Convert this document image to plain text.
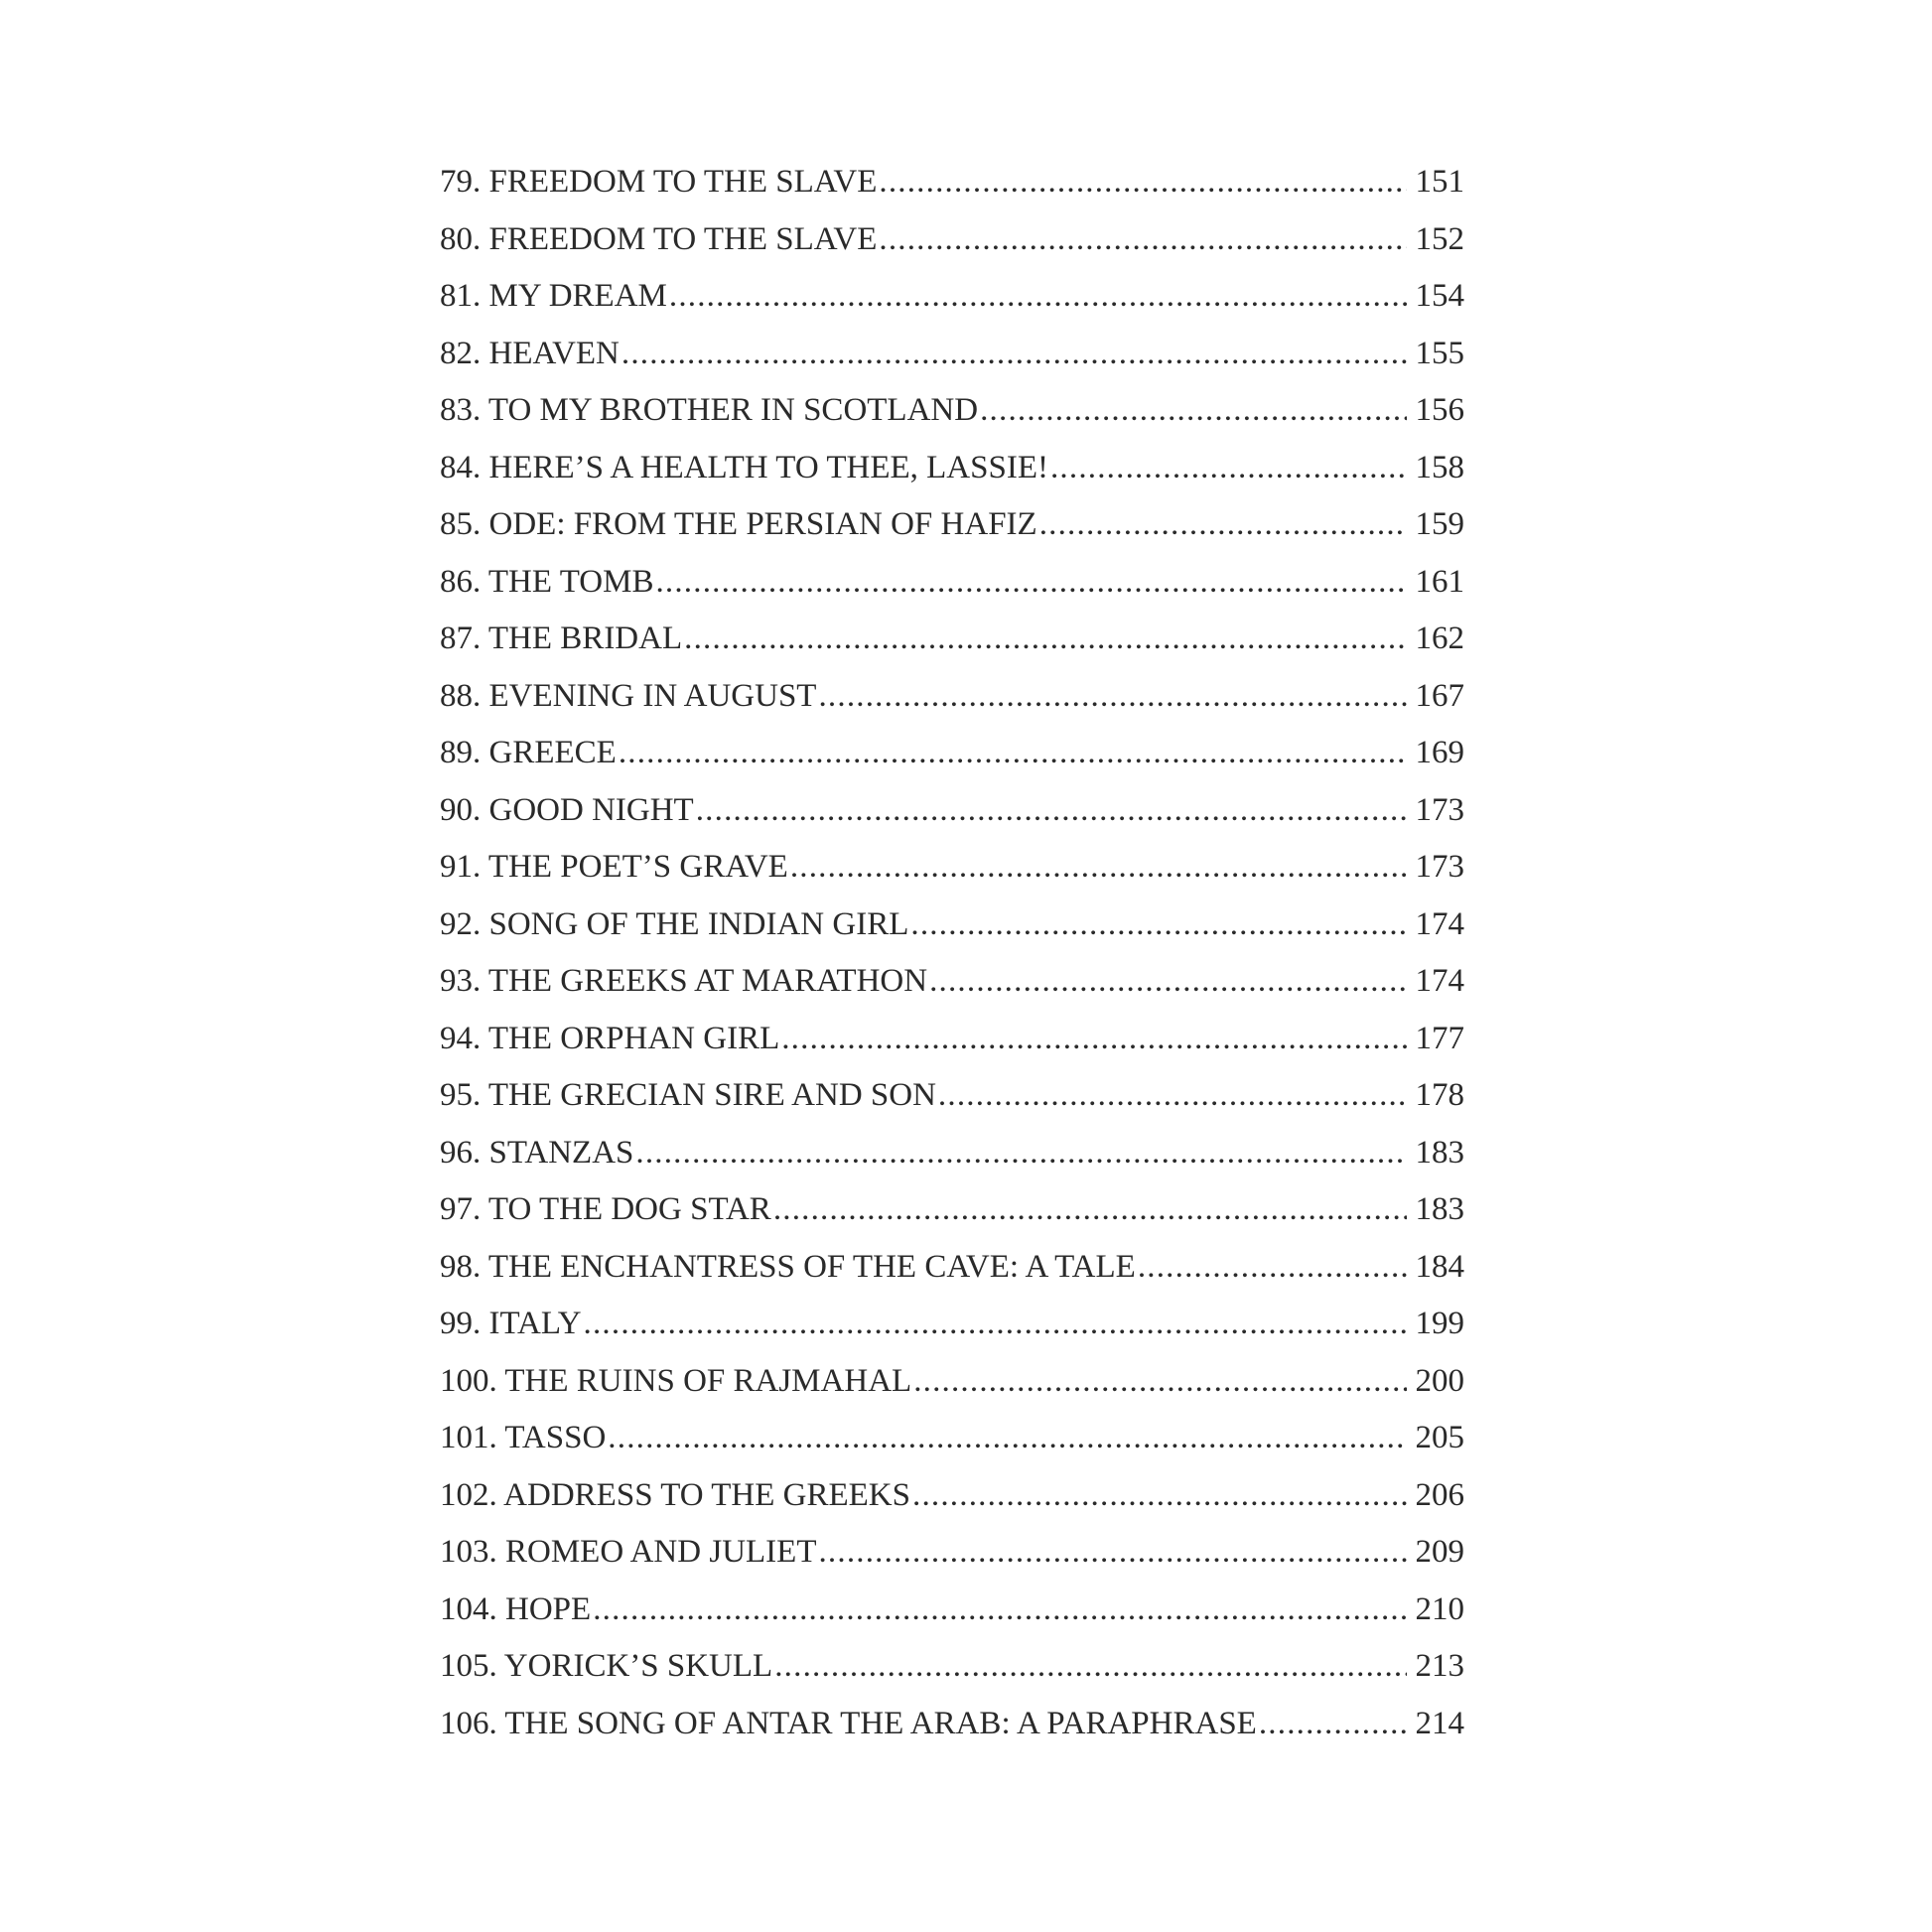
79. FREEDOM TO THE SLAVE .....	151
80. FREEDOM TO THE SLAVE .....	152
81. MY DREAM .....	154
82. HEAVEN .....	155
83. TO MY BROTHER IN SCOTLAND .....	156
84. HERE’S A HEALTH TO THEE, LASSIE! .....	158
85. ODE: FROM THE PERSIAN OF HAFIZ .....	159
86. THE TOMB .....	161
87. THE BRIDAL .....	162
88. EVENING IN AUGUST .....	167
89. GREECE .....	169
90. GOOD NIGHT .....	173
91. THE POET’S GRAVE .....	173
92. SONG OF THE INDIAN GIRL .....	174
93. THE GREEKS AT MARATHON .....	174
94. THE ORPHAN GIRL .....	177
95. THE GRECIAN SIRE AND SON .....	178
96. STANZAS .....	183
97. TO THE DOG STAR .....	183
98. THE ENCHANTRESS OF THE CAVE: A TALE .....	184
99. ITALY .....	199
100. THE RUINS OF RAJMAHAL .....	200
101. TASSO .....	205
102. ADDRESS TO THE GREEKS .....	206
103. ROMEO AND JULIET .....	209
104. HOPE .....	210
105. YORICK’S SKULL .....	213
106. THE SONG OF ANTAR THE ARAB: A PARAPHRASE .....	214
